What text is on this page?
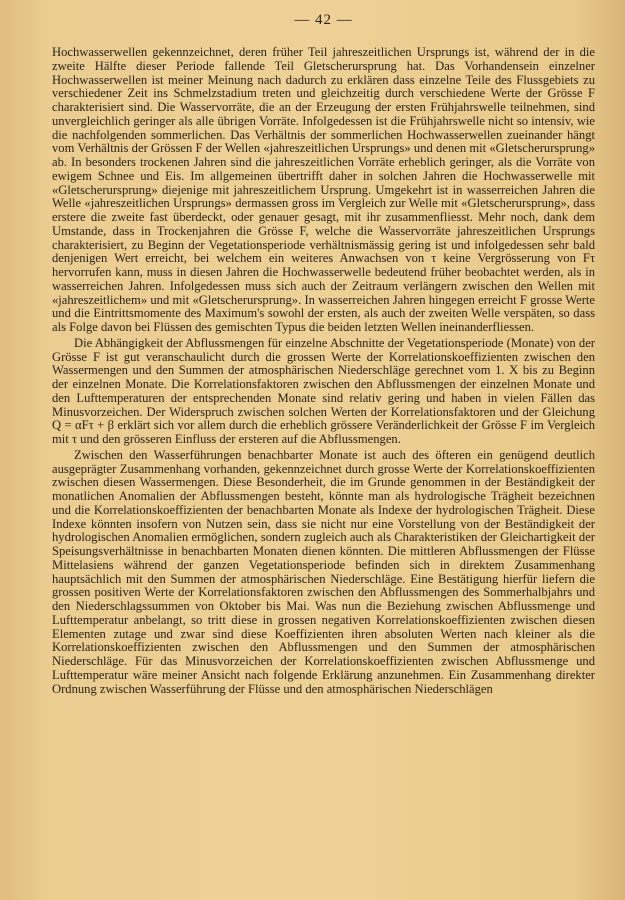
— 42 —

Hochwasserwellen gekennzeichnet, deren früher Teil jahreszeitlichen Ursprungs ist, während der in die zweite Hälfte dieser Periode fallende Teil Gletscherursprung hat. Das Vorhandensein einzelner Hochwasserwellen ist meiner Meinung nach dadurch zu erklären dass einzelne Teile des Flussgebiets zu verschiedener Zeit ins Schmelzstadium treten und gleichzeitig durch verschiedene Werte der Grösse F charakterisiert sind. Die Wasservorräte, die an der Erzeugung der ersten Frühjahrswelle teilnehmen, sind unvergleichlich geringer als alle übrigen Vorräte. Infolgedessen ist die Frühjahrswelle nicht so intensiv, wie die nachfolgenden sommerlichen. Das Verhältnis der sommerlichen Hochwasserwellen zueinander hängt vom Verhältnis der Grössen F der Wellen «jahreszeitlichen Ursprungs» und denen mit «Gletscherursprung» ab. In besonders trockenen Jahren sind die jahreszeitlichen Vorräte erheblich geringer, als die Vorräte von ewigem Schnee und Eis. Im allgemeinen übertrifft daher in solchen Jahren die Hochwasserwelle mit «Gletscherursprung» diejenige mit jahreszeitlichem Ursprung. Umgekehrt ist in wasserreichen Jahren die Welle «jahreszeitlichen Ursprungs» dermassen gross im Vergleich zur Welle mit «Gletscherursprung», dass erstere die zweite fast überdeckt, oder genauer gesagt, mit ihr zusammenfliesst. Mehr noch, dank dem Umstande, dass in Trockenjahren die Grösse F, welche die Wasservorräte jahreszeitlichen Ursprungs charakterisiert, zu Beginn der Vegetationsperiode verhältnismässig gering ist und infolgedessen sehr bald denjenigen Wert erreicht, bei welchem ein weiteres Anwachsen von τ keine Vergrösserung von Fτ hervorrufen kann, muss in diesen Jahren die Hochwasserwelle bedeutend früher beobachtet werden, als in wasserreichen Jahren. Infolgedessen muss sich auch der Zeitraum verlängern zwischen den Wellen mit «jahreszeitlichem» und mit «Gletscherursprung». In wasserreichen Jahren hingegen erreicht F grosse Werte und die Eintrittsmomente des Maximum's sowohl der ersten, als auch der zweiten Welle verspäten, so dass als Folge davon bei Flüssen des gemischten Typus die beiden letzten Wellen ineinanderfliessen.

Die Abhängigkeit der Abflussmengen für einzelne Abschnitte der Vegetationsperiode (Monate) von der Grösse F ist gut veranschaulicht durch die grossen Werte der Korrelationskoeffizienten zwischen den Wassermengen und den Summen der atmosphärischen Niederschläge gerechnet vom 1. X bis zu Beginn der einzelnen Monate. Die Korrelationsfaktoren zwischen den Abflussmengen der einzelnen Monate und den Lufttemperaturen der entsprechenden Monate sind relativ gering und haben in vielen Fällen das Minusvorzeichen. Der Widerspruch zwischen solchen Werten der Korrelationsfaktoren und der Gleichung Q = αFτ + β erklärt sich vor allem durch die erheblich grössere Veränderlichkeit der Grösse F im Vergleich mit τ und den grösseren Einfluss der ersteren auf die Abflussmengen.

Zwischen den Wasserführungen benachbarter Monate ist auch des öfteren ein genügend deutlich ausgeprägter Zusammenhang vorhanden, gekennzeichnet durch grosse Werte der Korrelationskoeffizienten zwischen diesen Wassermengen. Diese Besonderheit, die im Grunde genommen in der Beständigkeit der monatlichen Anomalien der Abflussmengen besteht, könnte man als hydrologische Trägheit bezeichnen und die Korrelationskoeffizienten der benachbarten Monate als Indexe der hydrologischen Trägheit. Diese Indexe könnten insofern von Nutzen sein, dass sie nicht nur eine Vorstellung von der Beständigkeit der hydrologischen Anomalien ermöglichen, sondern zugleich auch als Charakteristiken der Gleichartigkeit der Speisungsverhältnisse in benachbarten Monaten dienen könnten. Die mittleren Abflussmengen der Flüsse Mittelasiens während der ganzen Vegetationsperiode befinden sich in direktem Zusammenhang hauptsächlich mit den Summen der atmosphärischen Niederschläge. Eine Bestätigung hierfür liefern die grossen positiven Werte der Korrelationsfaktoren zwischen den Abflussmengen des Sommerhalbjahrs und den Niederschlagssummen von Oktober bis Mai. Was nun die Beziehung zwischen Abflussmenge und Lufttemperatur anbelangt, so tritt diese in grossen negativen Korrelationskoeffizienten zwischen diesen Elementen zutage und zwar sind diese Koeffizienten ihren absoluten Werten nach kleiner als die Korrelationskoeffizienten zwischen den Abflussmengen und den Summen der atmosphärischen Niederschläge. Für das Minusvorzeichen der Korrelationskoeffizienten zwischen Abflussmenge und Lufttemperatur wäre meiner Ansicht nach folgende Erklärung anzunehmen. Ein Zusammenhang direkter Ordnung zwischen Wasserführung der Flüsse und den atmosphärischen Niederschlägen
